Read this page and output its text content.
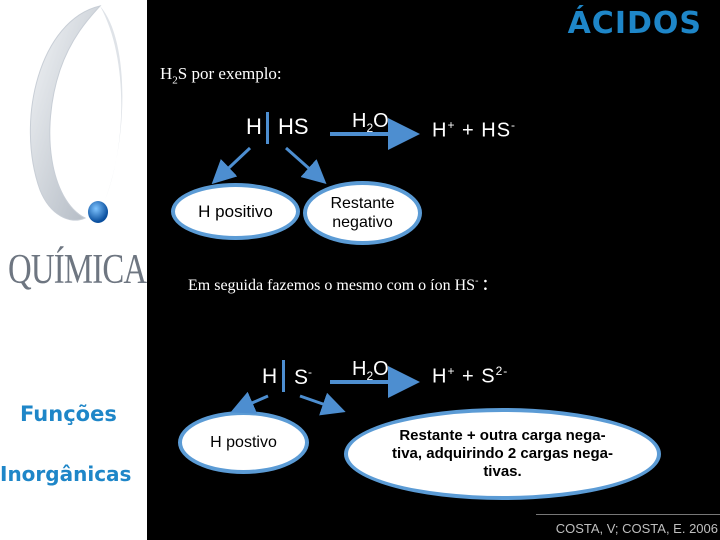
QUÍMICA
Funções
Inorgânicas
ÁCIDOS
$H_2S$ por exemplo:
H HS $H_2O$ H+ + HS-
H positivo	Restante
negativo
Em seguida fazemos o mesmo com o íon HS- :
H S- $H_2O$ $H^+ + S^{2-}$
H postivo	Restante + outra carga nega-
tiva, adquirindo 2 cargas nega-
tivas.
COSTA, V; COSTA, E. 2006
